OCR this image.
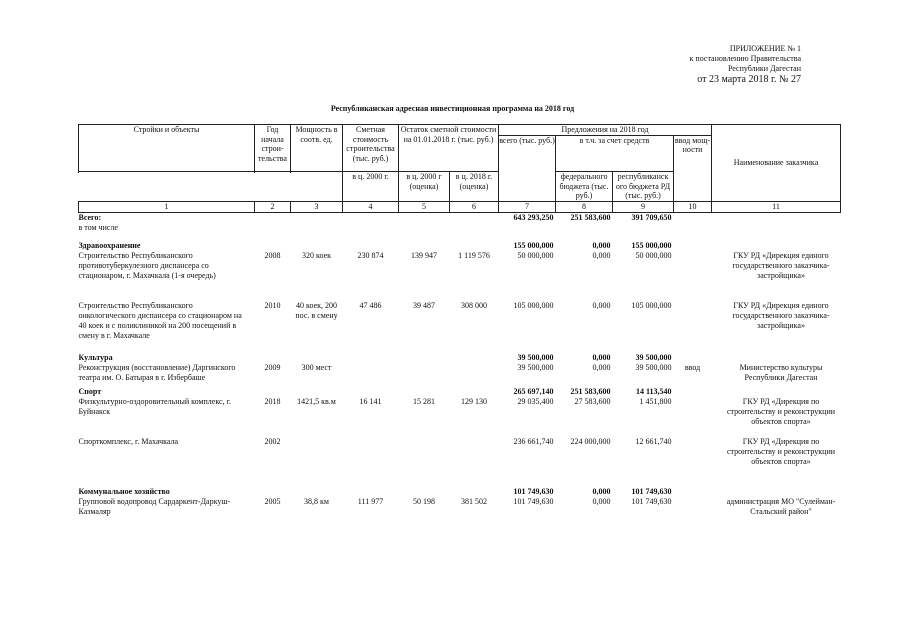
ПРИЛОЖЕНИЕ № 1
к постановлению Правительства
Республики Дагестан
от 23 марта 2018 г. № 27
Республиканская адресная инвестиционная программа на 2018 год
Стройки и объекты	Год начала строи-тельства	Мощность в соотв. ед.	Сметная стоимость строительства (тыс. руб.)	Остаток сметной стоимости на 01.01.2018 г. (тыс. руб.)		Предложения на 2018 год				Наименование заказчика
						всего (тыс. руб.)	в т.ч. за счет средств		ввод мощ-ности	
			в ц. 2000 г.	в ц. 2000 г (оценка)	в ц. 2018 г. (оценка)		федерального бюджета (тыс. руб.)	республиканск ого бюджета РД (тыс. руб.)		

1	2	3	4	5	6	7	8	9	10	11
Всего:						643 293,250	251 583,600	391 709,650		
в том числе										

Здравоохранение						155 000,000	0,000	155 000,000		
Строительство Республиканского противотуберкулезного диспансера со стационаром, г. Махачкала (1-я очередь)	2008	320 коек	230 874	139 947	1 119 576	50 000,000	0,000	50 000,000		ГКУ РД «Дирекция единого государственного заказчика-застройщика»

Строительство Республиканского онкологического диспансера со стационаром на 40 коек и с поликлиникой на 200 посещений в смену в г. Махачкале	2010	40 коек, 200 пос. в смену	47 486	39 487	308 000	105 000,000	0,000	105 000,000		ГКУ РД «Дирекция единого государственного заказчика-застройщика»

Культура						39 500,000	0,000	39 500,000		
Реконструкция (восстановление) Даргинского театра им. О. Батырая в г. Избербаше	2009	300 мест				39 500,000	0,000	39 500,000	ввод	Министерство культуры Республики Дагестан

Спорт						265 697,140	251 583,600	14 113,540		
Физкультурно-оздоровительный комплекс, г. Буйнакск	2018	1421,5 кв.м	16 141	15 281	129 130	29 035,400	27 583,600	1 451,800		ГКУ РД «Дирекция по строительству и реконструкции объектов спорта»

Спорткомплекс, г. Махачкала	2002					236 661,740	224 000,000	12 661,740		ГКУ РД «Дирекция по строительству и реконструкции объектов спорта»

Коммунальное хозяйство						101 749,630	0,000	101 749,630		
Групповой водопровод Сардаркент-Даркуш-Казмаляр	2005	38,8 км	111 977	50 198	381 502	101 749,630	0,000	101 749,630		администрация МО "Сулейман-Стальский район"
